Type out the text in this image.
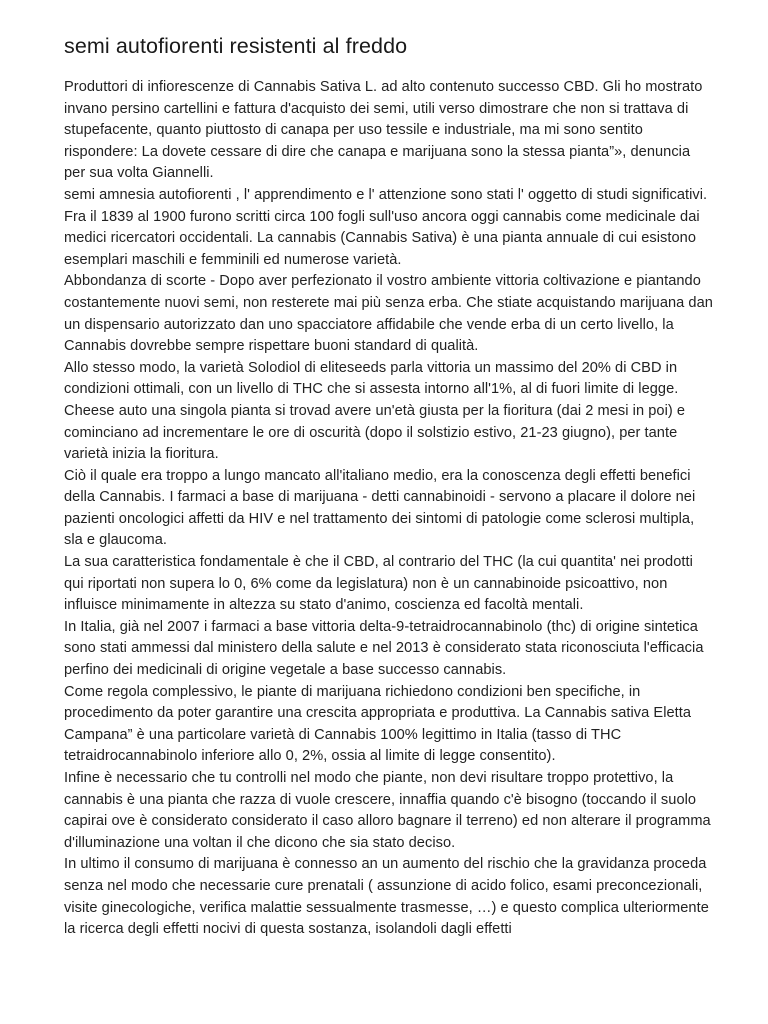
semi autofiorenti resistenti al freddo

Produttori di infiorescenze di Cannabis Sativa L. ad alto contenuto successo CBD. Gli ho mostrato invano persino cartellini e fattura d'acquisto dei semi, utili verso dimostrare che non si trattava di stupefacente, quanto piuttosto di canapa per uso tessile e industriale, ma mi sono sentito rispondere: La dovete cessare di dire che canapa e marijuana sono la stessa pianta”», denuncia per sua volta Giannelli.

semi amnesia autofiorenti , l' apprendimento e l' attenzione sono stati l' oggetto di studi significativi. Fra il 1839 al 1900 furono scritti circa 100 fogli sull'uso ancora oggi cannabis come medicinale dai medici ricercatori occidentali. La cannabis (Cannabis Sativa) è una pianta annuale di cui esistono esemplari maschili e femminili ed numerose varietà.

Abbondanza di scorte - Dopo aver perfezionato il vostro ambiente vittoria coltivazione e piantando costantemente nuovi semi, non resterete mai più senza erba. Che stiate acquistando marijuana dan un dispensario autorizzato dan uno spacciatore affidabile che vende erba di un certo livello, la Cannabis dovrebbe sempre rispettare buoni standard di qualità.

Allo stesso modo, la varietà Solodiol di eliteseeds parla vittoria un massimo del 20% di CBD in condizioni ottimali, con un livello di THC che si assesta intorno all'1%, al di fuori limite di legge. Cheese auto una singola pianta si trovad avere un'età giusta per la fioritura (dai 2 mesi in poi) e cominciano ad incrementare le ore di oscurità (dopo il solstizio estivo, 21-23 giugno), per tante varietà inizia la fioritura.

Ciò il quale era troppo a lungo mancato all'italiano medio, era la conoscenza degli effetti benefici della Cannabis. I farmaci a base di marijuana - detti cannabinoidi - servono a placare il dolore nei pazienti oncologici affetti da HIV e nel trattamento dei sintomi di patologie come sclerosi multipla, sla e glaucoma.

La sua caratteristica fondamentale è che il CBD, al contrario del THC (la cui quantita' nei prodotti qui riportati non supera lo 0, 6% come da legislatura) non è un cannabinoide psicoattivo, non influisce minimamente in altezza su stato d'animo, coscienza ed facoltà mentali.

In Italia, già nel 2007 i farmaci a base vittoria delta-9-tetraidrocannabinolo (thc) di origine sintetica sono stati ammessi dal ministero della salute e nel 2013 è considerato stata riconosciuta l'efficacia perfino dei medicinali di origine vegetale a base successo cannabis.

Come regola complessivo, le piante di marijuana richiedono condizioni ben specifiche, in procedimento da poter garantire una crescita appropriata e produttiva. La Cannabis sativa Eletta Campana” è una particolare varietà di Cannabis 100% legittimo in Italia (tasso di THC tetraidrocannabinolo inferiore allo 0, 2%, ossia al limite di legge consentito).

Infine è necessario che tu controlli nel modo che piante, non devi risultare troppo protettivo, la cannabis è una pianta che razza di vuole crescere, innaffia quando c'è bisogno (toccando il suolo capirai ove è considerato considerato il caso alloro bagnare il terreno) ed non alterare il programma d'illuminazione una voltan il che dicono che sia stato deciso.

In ultimo il consumo di marijuana è connesso an un aumento del rischio che la gravidanza proceda senza nel modo che necessarie cure prenatali ( assunzione di acido folico, esami preconcezionali, visite ginecologiche, verifica malattie sessualmente trasmesse, …) e questo complica ulteriormente la ricerca degli effetti nocivi di questa sostanza, isolandoli dagli effetti
